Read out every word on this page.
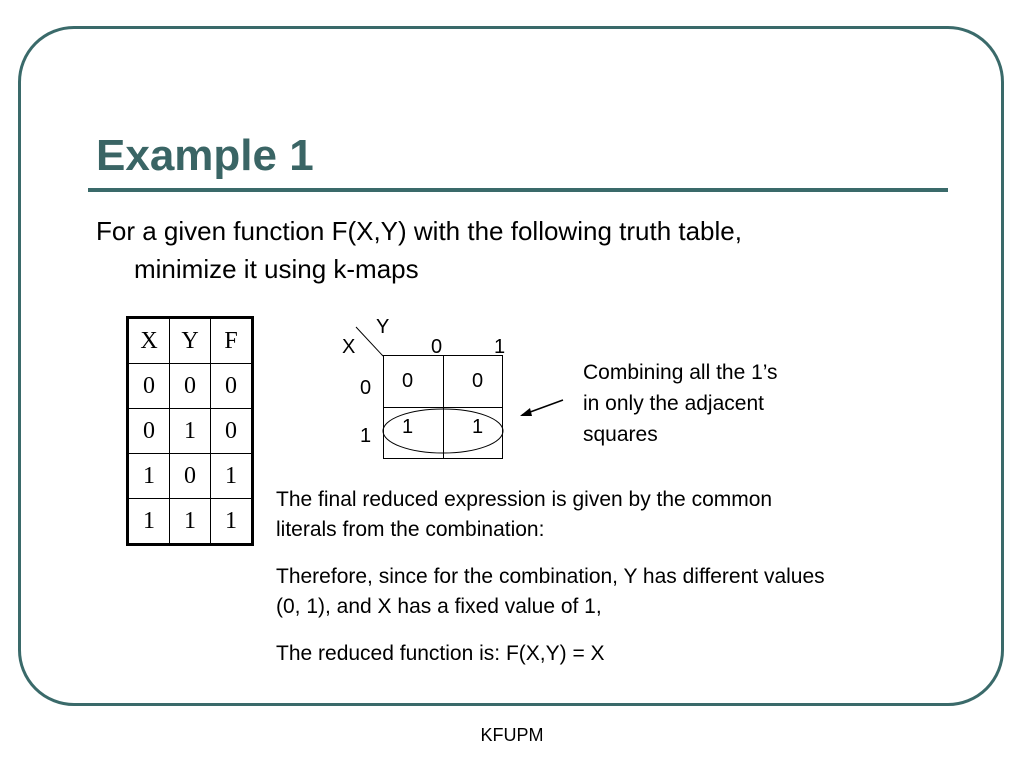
Example 1
For a given function F(X,Y) with the following truth table,
minimize it using k-maps
X	Y	F
0	0	0
0	1	0
1	0	1
1	1	1
Y
X	0	1
0
1
0	0
1	1
Combining all the 1’s
in only the adjacent
squares
The final reduced expression is given by the common
literals from the combination:
Therefore, since for the combination, Y has different values
(0, 1), and X has a fixed value of 1,
The reduced function is: F(X,Y) = X
KFUPM
